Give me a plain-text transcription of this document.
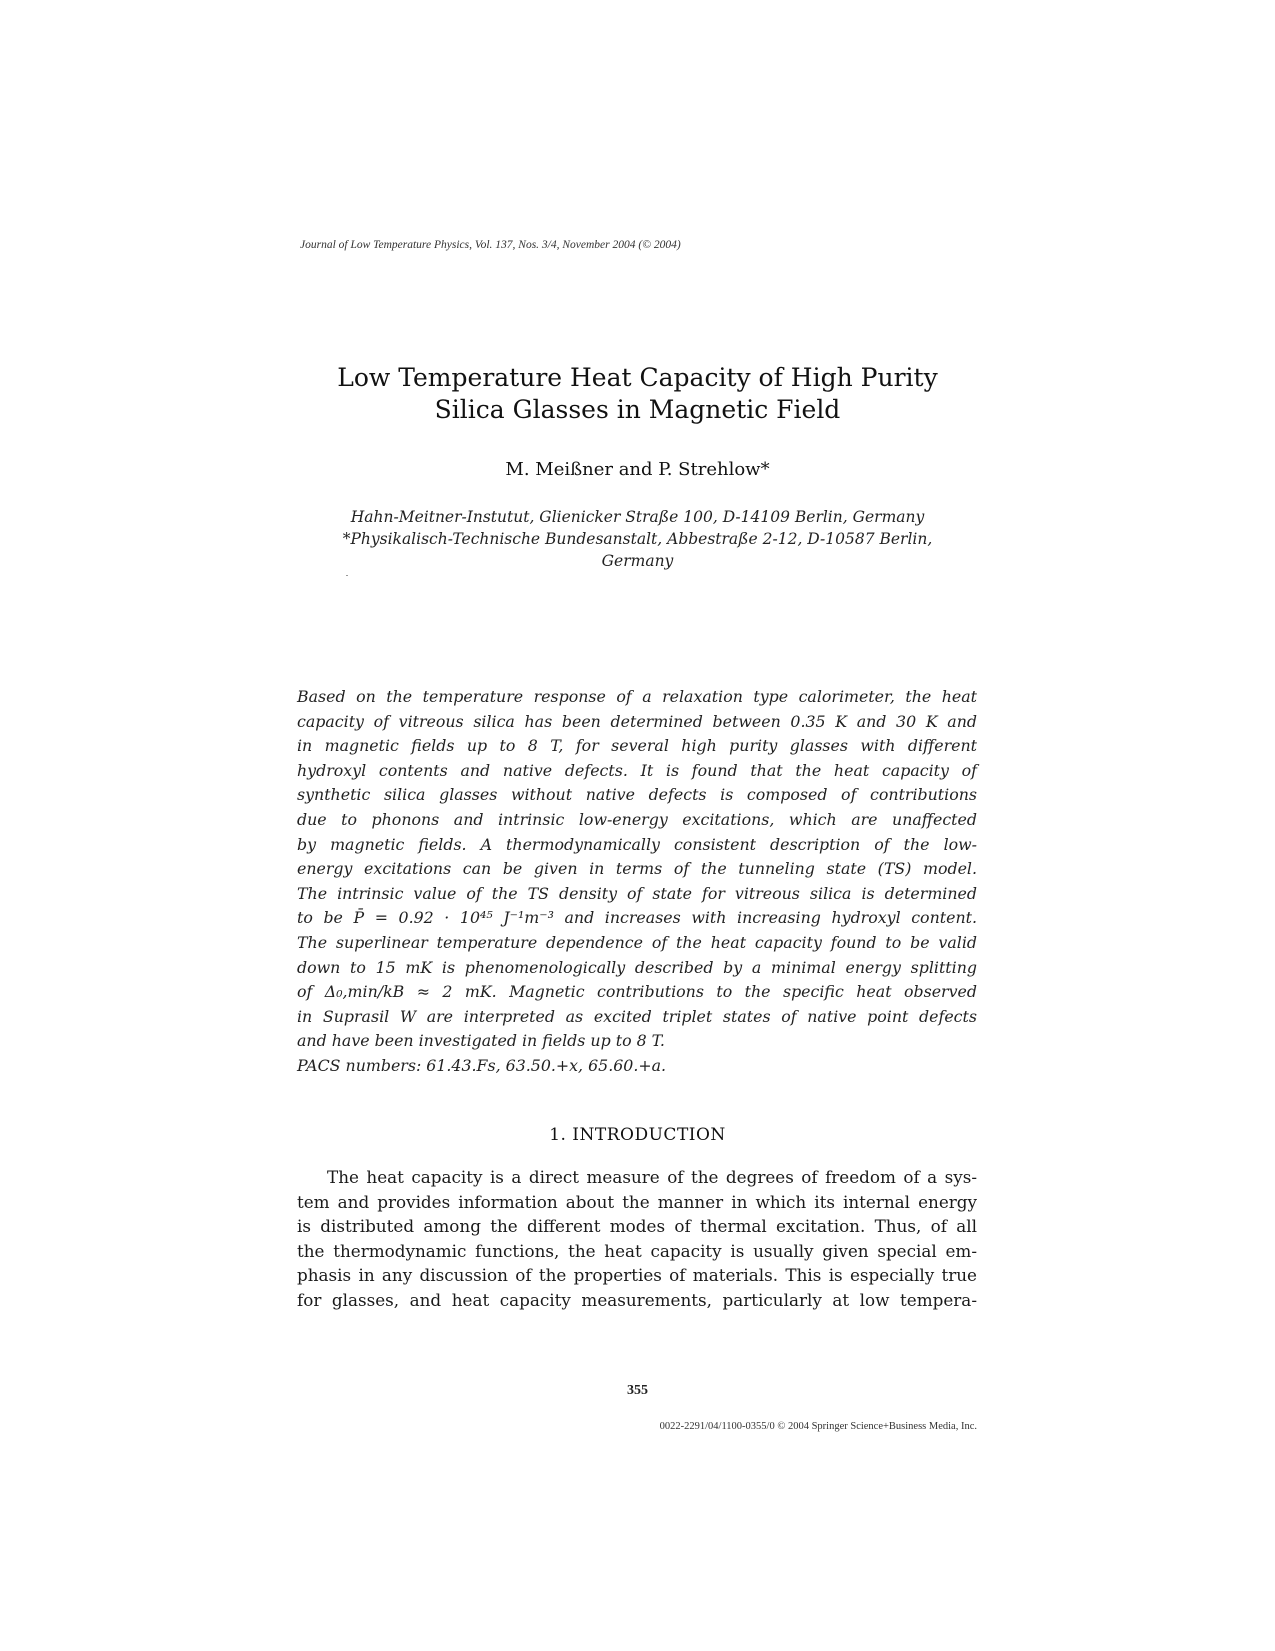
Journal of Low Temperature Physics, Vol. 137, Nos. 3/4, November 2004 (© 2004)
Low Temperature Heat Capacity of High Purity
Silica Glasses in Magnetic Field
M. Meißner and P. Strehlow*
Hahn-Meitner-Instutut, Glienicker Straße 100, D-14109 Berlin, Germany
*Physikalisch-Technische Bundesanstalt, Abbestraße 2-12, D-10587 Berlin,
Germany
Based on the temperature response of a relaxation type calorimeter, the heat
capacity of vitreous silica has been determined between 0.35 K and 30 K and
in magnetic fields up to 8 T, for several high purity glasses with different
hydroxyl contents and native defects. It is found that the heat capacity of
synthetic silica glasses without native defects is composed of contributions
due to phonons and intrinsic low-energy excitations, which are unaffected
by magnetic fields. A thermodynamically consistent description of the low-
energy excitations can be given in terms of the tunneling state (TS) model.
The intrinsic value of the TS density of state for vitreous silica is determined
to be P̄ = 0.92 · 10⁴⁵ J⁻¹m⁻³ and increases with increasing hydroxyl content.
The superlinear temperature dependence of the heat capacity found to be valid
down to 15 mK is phenomenologically described by a minimal energy splitting
of Δ₀,min/kB ≈ 2 mK. Magnetic contributions to the specific heat observed
in Suprasil W are interpreted as excited triplet states of native point defects
and have been investigated in fields up to 8 T.
PACS numbers: 61.43.Fs, 63.50.+x, 65.60.+a.
1. INTRODUCTION
The heat capacity is a direct measure of the degrees of freedom of a sys-
tem and provides information about the manner in which its internal energy
is distributed among the different modes of thermal excitation. Thus, of all
the thermodynamic functions, the heat capacity is usually given special em-
phasis in any discussion of the properties of materials. This is especially true
for glasses, and heat capacity measurements, particularly at low tempera-
355
0022-2291/04/1100-0355/0 © 2004 Springer Science+Business Media, Inc.
